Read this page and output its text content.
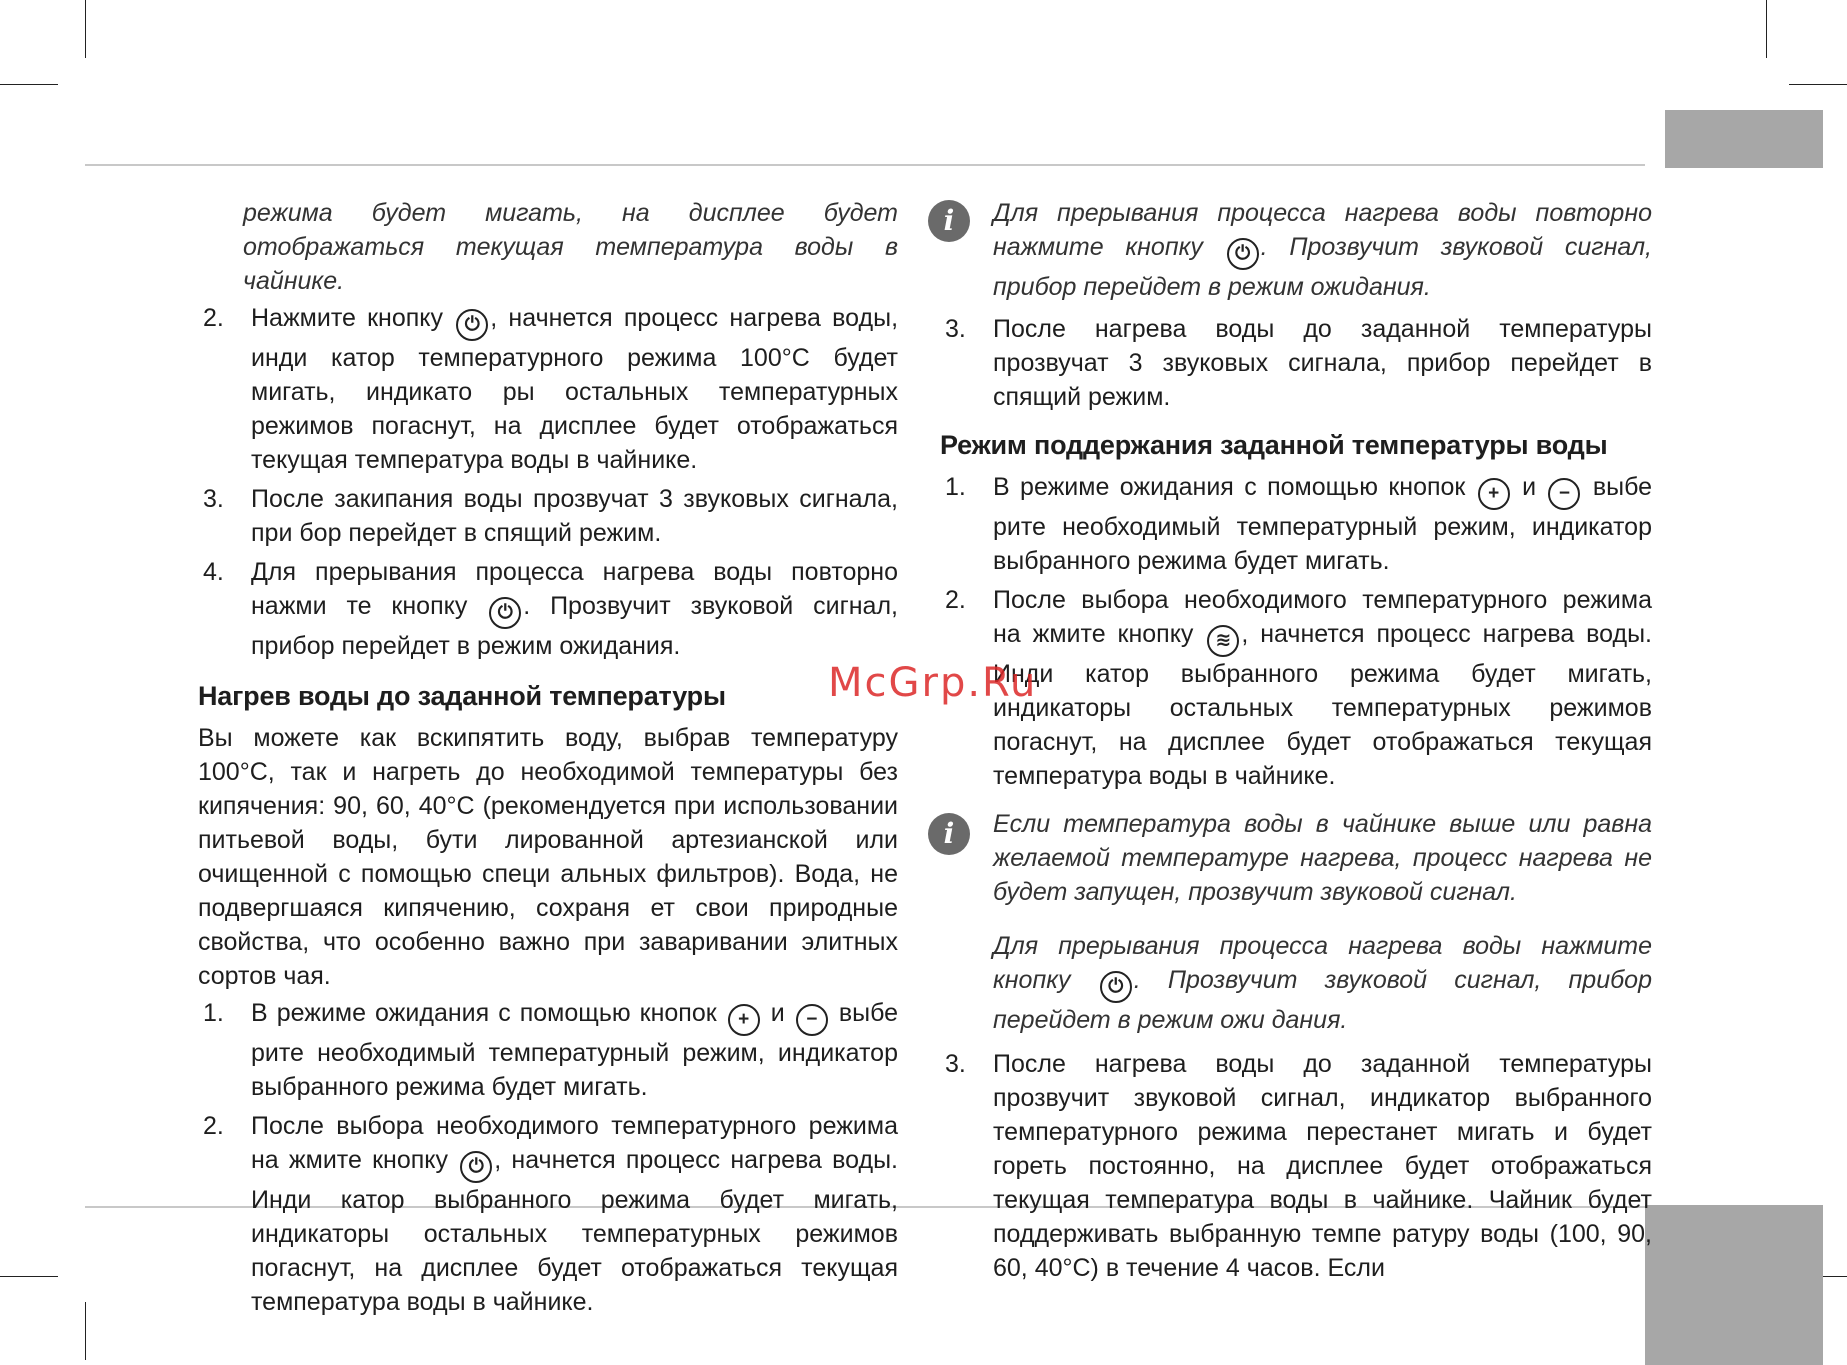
режима будет мигать, на дисплее будет отображаться текущая температура воды в чайнике.

2. Нажмите кнопку ⏻ , начнется процесс нагрева воды, инди катор температурного режима 100°С будет мигать, индикато ры остальных температурных режимов погаснут, на дисплее будет отображаться текущая температура воды в чайнике.
3. После закипания воды прозвучат 3 звуковых сигнала, при бор перейдет в спящий режим.
4. Для прерывания процесса нагрева воды повторно нажми те кнопку ⏻ . Прозвучит звуковой сигнал, прибор перейдет в режим ожидания.
Нагрев воды до заданной температуры

Вы можете как вскипятить воду, выбрав температуру 100°С, так и нагреть до необходимой температуры без кипячения: 90, 60, 40°С (рекомендуется при использовании питьевой воды, бути лированной артезианской или очищенной с помощью специ альных фильтров). Вода, не подвергшаяся кипячению, сохраня ет свои природные свойства, что особенно важно при заваривании элитных сортов чая.

1. В режиме ожидания с помощью кнопок + и − выбе рите необходимый температурный режим, индикатор выбранного режима будет мигать.
2. После выбора необходимого температурного режима на жмите кнопку ⏻ , начнется процесс нагрева воды. Инди катор выбранного режима будет мигать, индикаторы остальных температурных режимов погаснут, на дисплее будет отображаться текущая температура воды в чайнике.
i	Для прерывания процесса нагрева воды повторно нажмите кнопку ⏻ . Прозвучит звуковой сигнал, прибор перейдет в режим ожидания.
3. После нагрева воды до заданной температуры прозвучат 3 звуковых сигнала, прибор перейдет в спящий режим.
Режим поддержания заданной температуры воды
1. В режиме ожидания с помощью кнопок + и − выбе рите необходимый температурный режим, индикатор выбранного режима будет мигать.
2. После выбора необходимого температурного режима на жмите кнопку ≋ , начнется процесс нагрева воды. Инди катор выбранного режима будет мигать, индикаторы остальных температурных режимов погаснут, на дисплее будет отображаться текущая температура воды в чайнике.
i	Если температура воды в чайнике выше или равна желаемой температуре нагрева, процесс нагрева не будет запущен, прозвучит звуковой сигнал.
Для прерывания процесса нагрева воды нажмите кнопку ⏻ . Прозвучит звуковой сигнал, прибор перейдет в режим ожи дания.
3. После нагрева воды до заданной температуры прозвучит звуковой сигнал, индикатор выбранного температурного режима перестанет мигать и будет гореть постоянно, на дисплее будет отображаться текущая температура воды в чайнике. Чайник будет поддерживать выбранную темпе ратуру воды (100, 90, 60, 40°С) в течение 4 часов. Если
McGrp.Ru
